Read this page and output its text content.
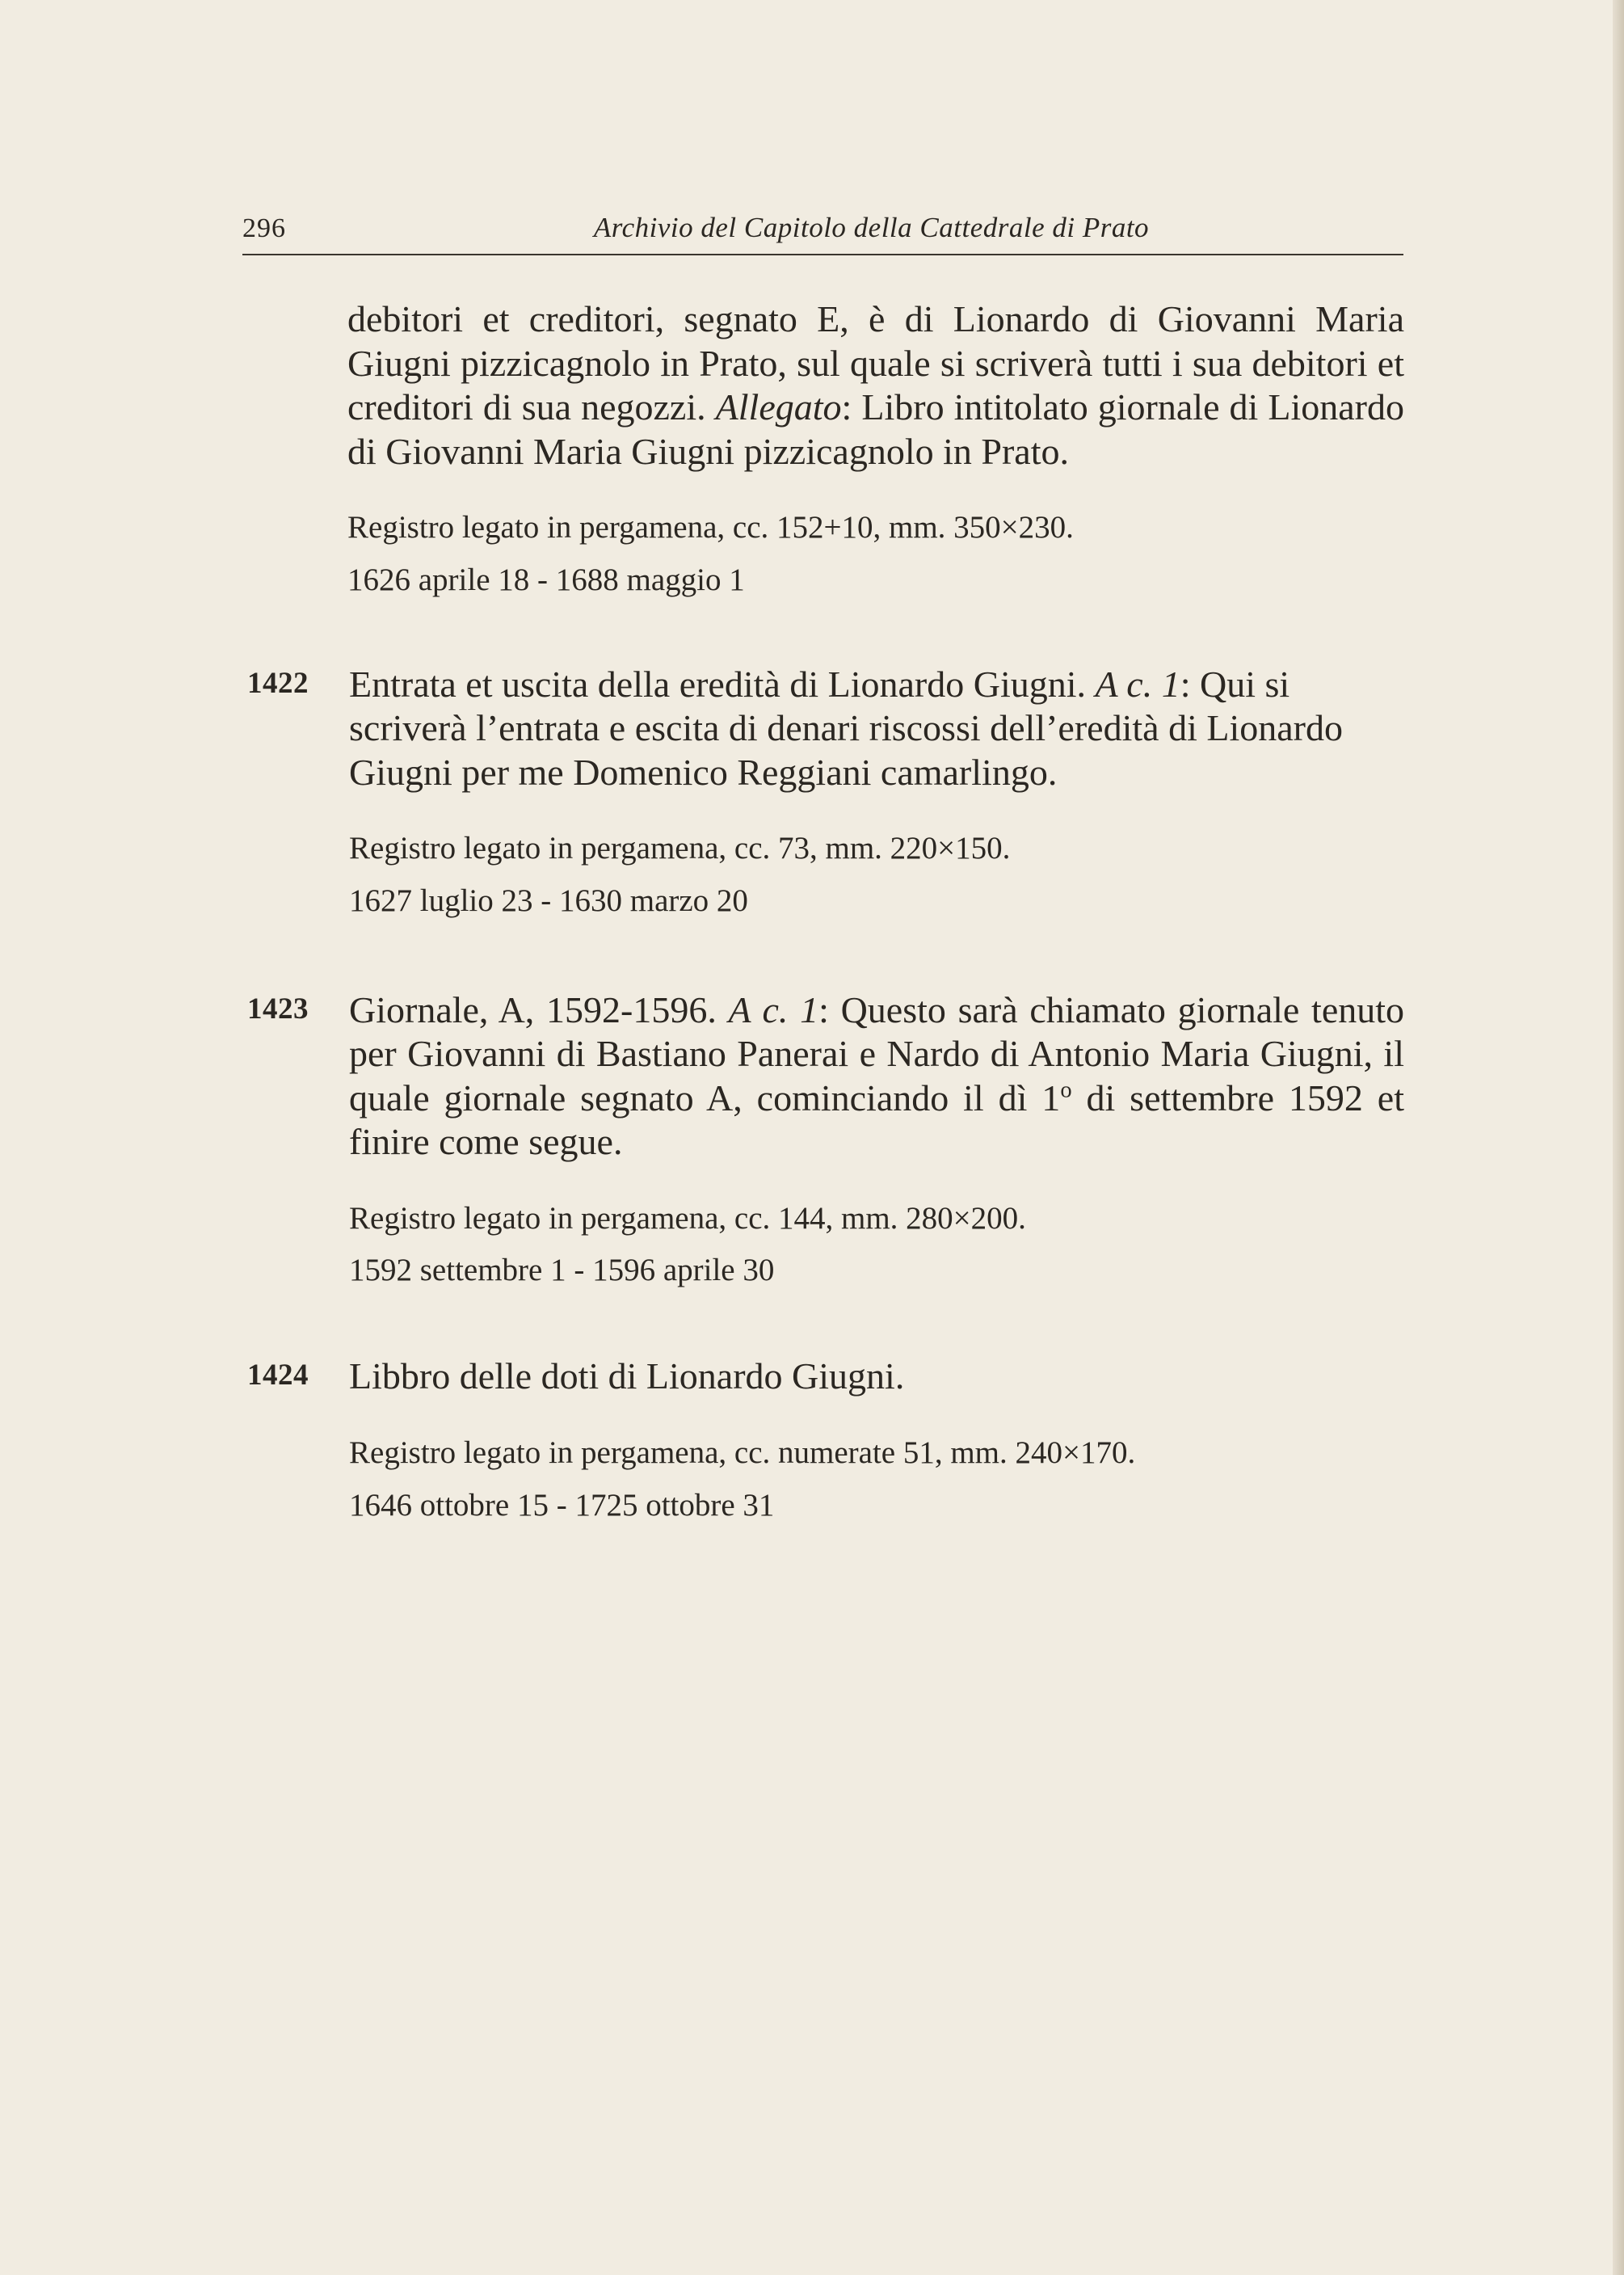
296	Archivio del Capitolo della Cattedrale di Prato

debitori et creditori, segnato E, è di Lionardo di Giovanni Maria Giugni pizzicagnolo in Prato, sul quale si scriverà tutti i sua debitori et creditori di sua negozzi. Allegato: Libro intitolato giornale di Lionardo di Giovanni Maria Giugni pizzicagnolo in Prato.

Registro legato in pergamena, cc. 152+10, mm. 350×230.

1626 aprile 18 - 1688 maggio 1

1422 Entrata et uscita della eredità di Lionardo Giugni. A c. 1: Qui si scriverà l’entrata e escita di denari riscossi dell’eredità di Lionardo Giugni per me Domenico Reggiani camarlingo.

Registro legato in pergamena, cc. 73, mm. 220×150.

1627 luglio 23 - 1630 marzo 20

1423 Giornale, A, 1592-1596. A c. 1: Questo sarà chiamato giornale tenuto per Giovanni di Bastiano Panerai e Nardo di Antonio Maria Giugni, il quale giornale segnato A, cominciando il dì 1$^o$ di settembre 1592 et finire come segue.

Registro legato in pergamena, cc. 144, mm. 280×200.

1592 settembre 1 - 1596 aprile 30

1424 Libbro delle doti di Lionardo Giugni.

Registro legato in pergamena, cc. numerate 51, mm. 240×170.

1646 ottobre 15 - 1725 ottobre 31
